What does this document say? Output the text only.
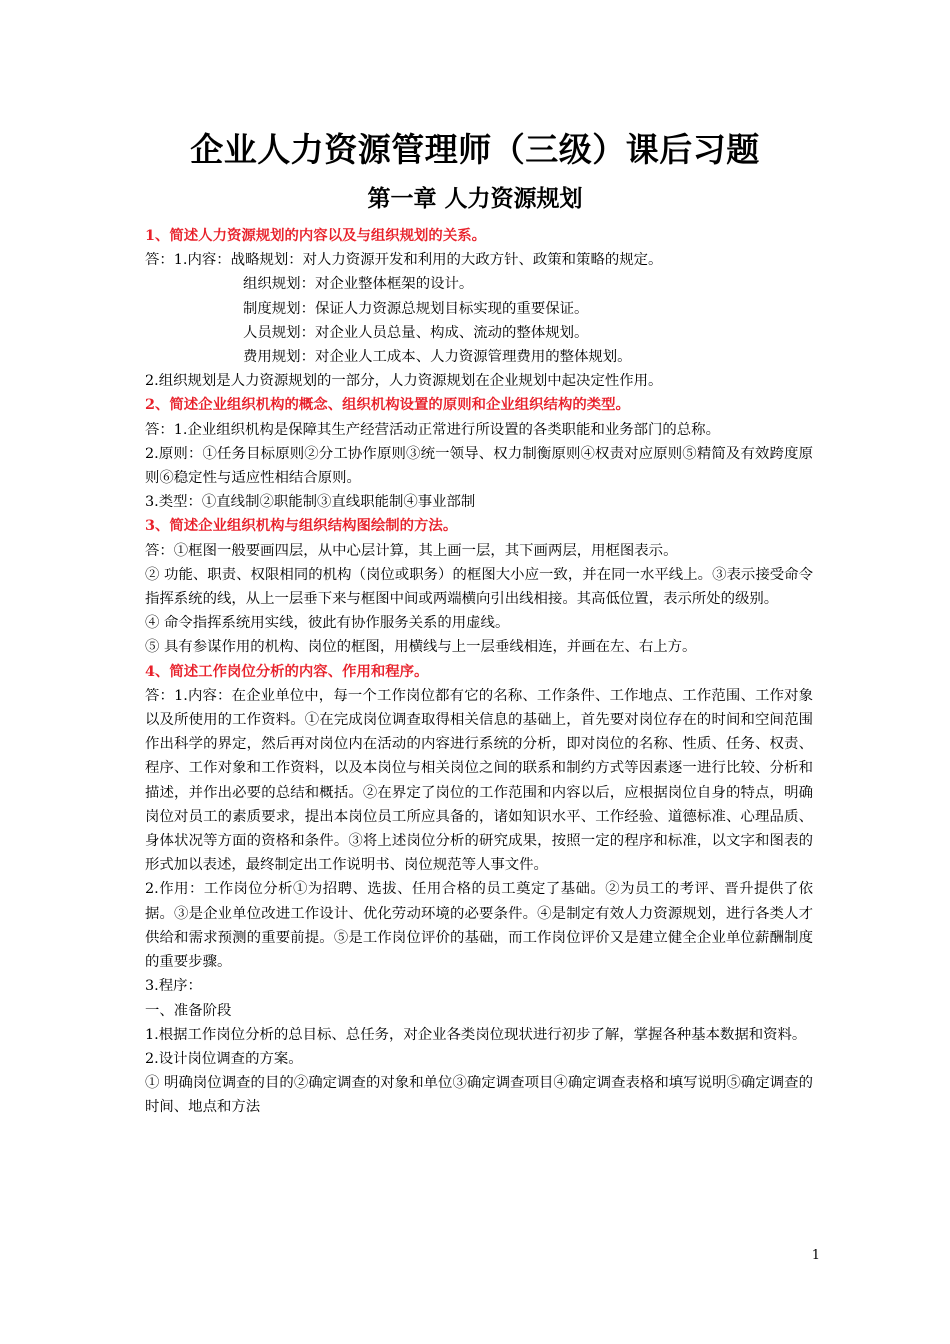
企业人力资源管理师（三级）课后习题
第一章 人力资源规划

1、简述人力资源规划的内容以及与组织规划的关系。

答：1.内容：战略规划：对人力资源开发和利用的大政方针、政策和策略的规定。

组织规划：对企业整体框架的设计。

制度规划：保证人力资源总规划目标实现的重要保证。

人员规划：对企业人员总量、构成、流动的整体规划。

费用规划：对企业人工成本、人力资源管理费用的整体规划。

2.组织规划是人力资源规划的一部分，人力资源规划在企业规划中起决定性作用。

2、简述企业组织机构的概念、组织机构设置的原则和企业组织结构的类型。

答：1.企业组织机构是保障其生产经营活动正常进行所设置的各类职能和业务部门的总称。

2.原则：①任务目标原则②分工协作原则③统一领导、权力制衡原则④权责对应原则⑤精简及有效跨度原则⑥稳定性与适应性相结合原则。

3.类型：①直线制②职能制③直线职能制④事业部制

3、简述企业组织机构与组织结构图绘制的方法。

答：①框图一般要画四层，从中心层计算，其上画一层，其下画两层，用框图表示。

② 功能、职责、权限相同的机构（岗位或职务）的框图大小应一致，并在同一水平线上。③表示接受命令指挥系统的线，从上一层垂下来与框图中间或两端横向引出线相接。其高低位置，表示所处的级别。

④ 命令指挥系统用实线，彼此有协作服务关系的用虚线。

⑤ 具有参谋作用的机构、岗位的框图，用横线与上一层垂线相连，并画在左、右上方。

4、简述工作岗位分析的内容、作用和程序。

答：1.内容：在企业单位中，每一个工作岗位都有它的名称、工作条件、工作地点、工作范围、工作对象以及所使用的工作资料。①在完成岗位调查取得相关信息的基础上，首先要对岗位存在的时间和空间范围作出科学的界定，然后再对岗位内在活动的内容进行系统的分析，即对岗位的名称、性质、任务、权责、程序、工作对象和工作资料，以及本岗位与相关岗位之间的联系和制约方式等因素逐一进行比较、分析和描述，并作出必要的总结和概括。②在界定了岗位的工作范围和内容以后，应根据岗位自身的特点，明确岗位对员工的素质要求，提出本岗位员工所应具备的，诸如知识水平、工作经验、道德标准、心理品质、身体状况等方面的资格和条件。③将上述岗位分析的研究成果，按照一定的程序和标准，以文字和图表的形式加以表述，最终制定出工作说明书、岗位规范等人事文件。

2.作用：工作岗位分析①为招聘、选拔、任用合格的员工奠定了基础。②为员工的考评、晋升提供了依据。③是企业单位改进工作设计、优化劳动环境的必要条件。④是制定有效人力资源规划，进行各类人才供给和需求预测的重要前提。⑤是工作岗位评价的基础，而工作岗位评价又是建立健全企业单位薪酬制度的重要步骤。

3.程序：

一、准备阶段

1.根据工作岗位分析的总目标、总任务，对企业各类岗位现状进行初步了解，掌握各种基本数据和资料。

2.设计岗位调查的方案。

① 明确岗位调查的目的②确定调查的对象和单位③确定调查项目④确定调查表格和填写说明⑤确定调查的时间、地点和方法

1
